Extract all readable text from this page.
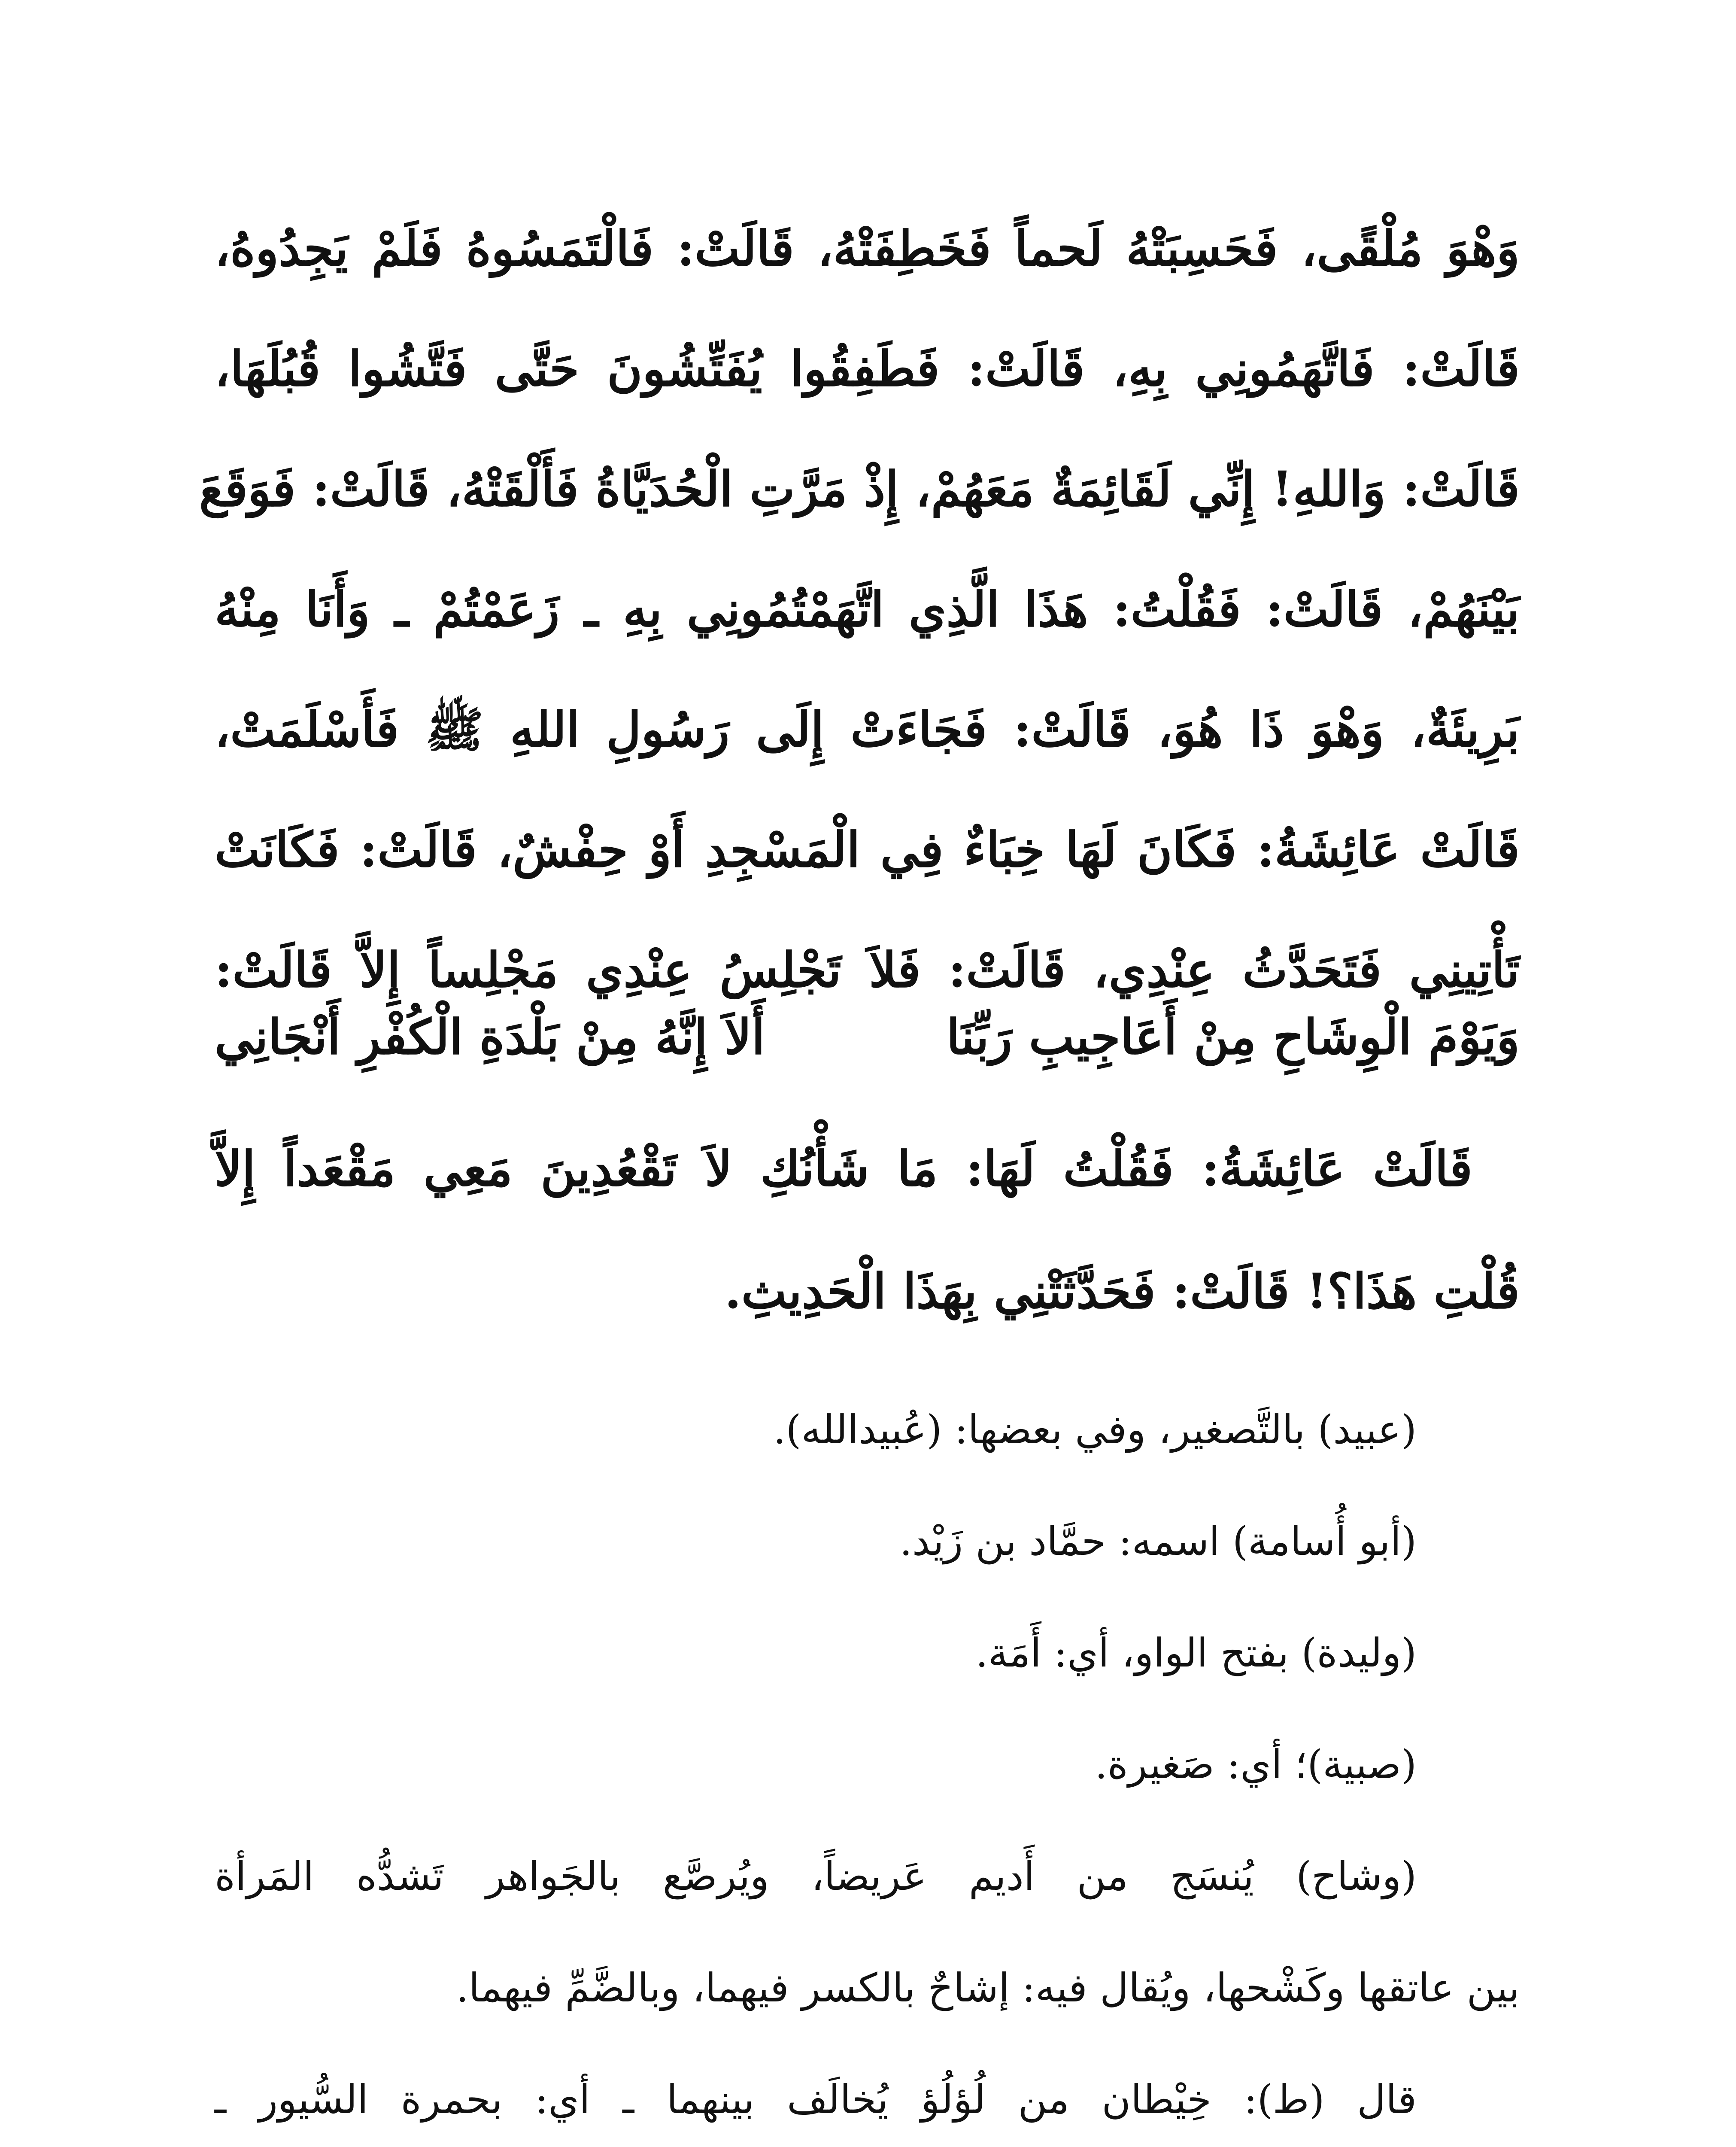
وَهْوَ مُلْقًى، فَحَسِبَتْهُ لَحماً فَخَطِفَتْهُ، قَالَتْ: فَالْتَمَسُوهُ فَلَمْ يَجِدُوهُ،
قَالَتْ: فَاتَّهَمُونِي بِهِ، قَالَتْ: فَطَفِقُوا يُفَتِّشُونَ حَتَّى فَتَّشُوا قُبُلَهَا،
قَالَتْ: وَاللهِ! إِنِّي لَقَائِمَةٌ مَعَهُمْ، إِذْ مَرَّتِ الْحُدَيَّاةُ فَأَلْقَتْهُ، قَالَتْ: فَوَقَعَ
بَيْنَهُمْ، قَالَتْ: فَقُلْتُ: هَذَا الَّذِي اتَّهَمْتُمُونِي بِهِ ـ زَعَمْتُمْ ـ وَأَنَا مِنْهُ
بَرِيئَةٌ، وَهْوَ ذَا هُوَ، قَالَتْ: فَجَاءَتْ إِلَى رَسُولِ اللهِ ﷺ فَأَسْلَمَتْ،
قَالَتْ عَائِشَةُ: فَكَانَ لَهَا خِبَاءٌ فِي الْمَسْجِدِ أَوْ حِفْشٌ، قَالَتْ: فَكَانَتْ
تَأْتِينِي فَتَحَدَّثُ عِنْدِي، قَالَتْ: فَلاَ تَجْلِسُ عِنْدِي مَجْلِساً إِلاَّ قَالَتْ:
وَيَوْمَ الْوِشَاحِ مِنْ أَعَاجِيبِ رَبِّنَا
أَلاَ إِنَّهُ مِنْ بَلْدَةِ الْكُفْرِ أَنْجَانِي
قَالَتْ عَائِشَةُ: فَقُلْتُ لَهَا: مَا شَأْنُكِ لاَ تَقْعُدِينَ مَعِي مَقْعَداً إِلاَّ
قُلْتِ هَذَا؟! قَالَتْ: فَحَدَّثَتْنِي بِهَذَا الْحَدِيثِ.
(عبيد) بالتَّصغير، وفي بعضها: (عُبيدالله).
(أبو أُسامة) اسمه: حمَّاد بن زَيْد.
(وليدة) بفتح الواو، أي: أَمَة.
(صبية)؛ أي: صَغيرة.
(وشاح) يُنسَج من أَديم عَريضاً، ويُرصَّع بالجَواهر تَشدُّه المَرأة
بين عاتقها وكَشْحها، ويُقال فيه: إشاحٌ بالكسر فيهما، وبالضَّمِّ فيهما.
قال (ط): خِيْطان من لُؤلُؤ يُخالَف بينهما ـ أي: بحمرة السُّيور ـ
